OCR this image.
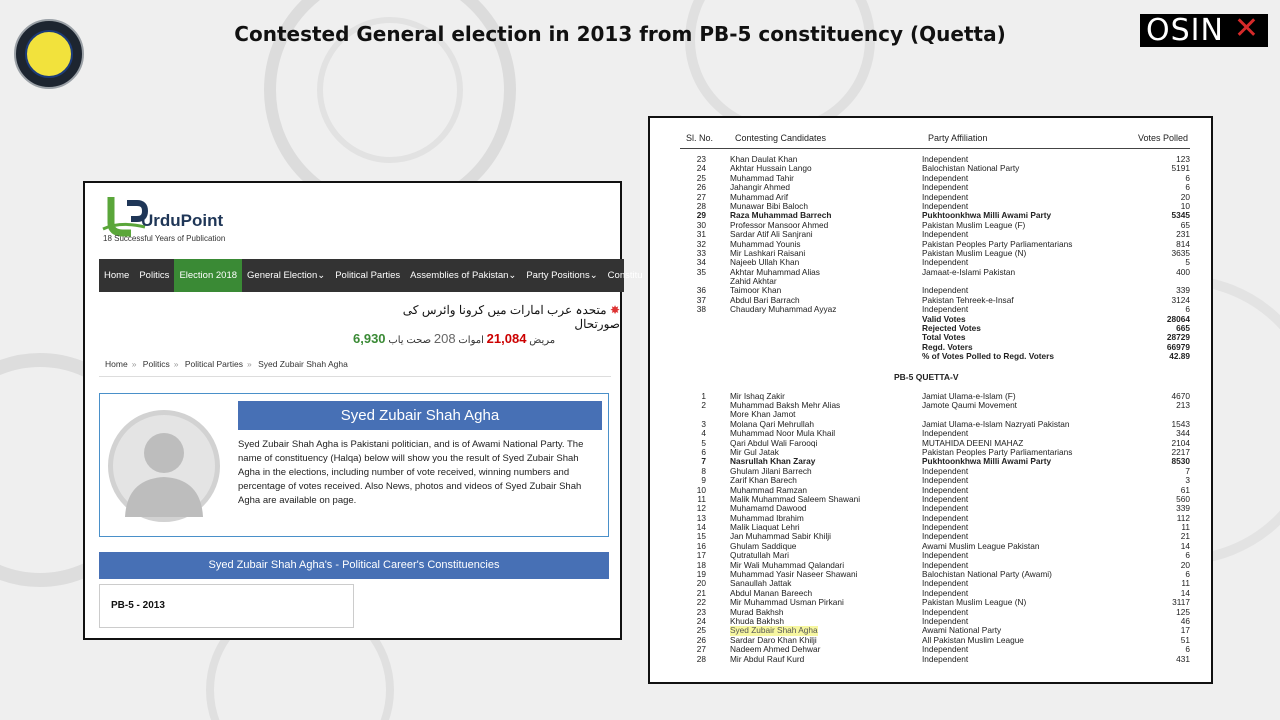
Contested General election in 2013 from PB-5 constituency (Quetta)	OSIN ✕
UrduPoint
18 Successful Years of Publication
Home	Politics	Election 2018	General Election⌄	Political Parties	Assemblies of Pakistan⌄	Party Positions⌄	Constitu
✸ متحدہ عرب امارات میں کرونا وائرس کی صورتحال
مریض 21,084 اموات 208 صحت یاب 6,930
Home » Politics » Political Parties » Syed Zubair Shah Agha
Syed Zubair Shah Agha
Syed Zubair Shah Agha is Pakistani politician, and is of Awami National Party. The name of constituency (Halqa) below will show you the result of Syed Zubair Shah Agha in the elections, including number of vote received, winning numbers and percentage of votes received. Also News, photos and videos of Syed Zubair Shah Agha are available on page.
Syed Zubair Shah Agha's - Political Career's Constituencies
PB-5 - 2013
Sl. No. Contesting Candidates	Party Affiliation	Votes Polled
23	Khan Daulat Khan	Independent	123
24	Akhtar Hussain Lango	Balochistan National Party	5191
25	Muhammad Tahir	Independent	6
26	Jahangir Ahmed	Independent	6
27	Muhammad Arif	Independent	20
28	Munawar Bibi Baloch	Independent	10
29	Raza Muhammad Barrech	Pukhtoonkhwa Milli Awami Party	5345
30	Professor Mansoor Ahmed	Pakistan Muslim League (F)	65
31	Sardar Atif Ali Sanjrani	Independent	231
32	Muhammad Younis	Pakistan Peoples Party Parliamentarians	814
33	Mir Lashkari Raisani	Pakistan Muslim League (N)	3635
34	Najeeb Ullah Khan	Independent	5
35	Akhtar Muhammad Alias	Jamaat-e-Islami Pakistan	400
Zahid Akhtar
36	Taimoor Khan	Independent	339
37	Abdul Bari Barrach	Pakistan Tehreek-e-Insaf	3124
38	Chaudary Muhammad Ayyaz	Independent	6
Valid Votes	28064
Rejected Votes	665
Total Votes	28729
Regd. Voters	66979
% of Votes Polled to Regd. Voters	42.89
PB-5 QUETTA-V
1	Mir Ishaq Zakir	Jamiat Ulama-e-Islam (F)	4670
2	Muhammad Baksh Mehr Alias	Jamote Qaumi Movement	213
More Khan Jamot
3	Molana Qari Mehrullah	Jamiat Ulama-e-Islam Nazryati Pakistan	1543
4	Muhammad Noor Mula Khail	Independent	344
5	Qari Abdul Wali Farooqi	MUTAHIDA DEENI MAHAZ	2104
6	Mir Gul Jatak	Pakistan Peoples Party Parliamentarians	2217
7	Nasrullah Khan Zaray	Pukhtoonkhwa Milli Awami Party	8530
8	Ghulam Jilani Barrech	Independent	7
9	Zarif Khan Barech	Independent	3
10	Muhammad Ramzan	Independent	61
11	Malik Muhammad Saleem Shawani	Independent	560
12	Muhamamd Dawood	Independent	339
13	Muhammad Ibrahim	Independent	112
14	Malik Liaquat Lehri	Independent	11
15	Jan Muhammad Sabir Khilji	Independent	21
16	Ghulam Saddique	Awami Muslim League Pakistan	14
17	Qutratullah Mari	Independent	6
18	Mir Wali Muhammad Qalandari	Independent	20
19	Muhammad Yasir Naseer Shawani	Balochistan National Party (Awami)	6
20	Sanaullah Jattak	Independent	11
21	Abdul Manan Bareech	Independent	14
22	Mir Muhammad Usman Pirkani	Pakistan Muslim League (N)	3117
23	Murad Bakhsh	Independent	125
24	Khuda Bakhsh	Independent	46
25	Syed Zubair Shah Agha	Awami National Party	17
26	Sardar Daro Khan Khilji	All Pakistan Muslim League	51
27	Nadeem Ahmed Dehwar	Independent	6
28	Mir Abdul Rauf Kurd	Independent	431
